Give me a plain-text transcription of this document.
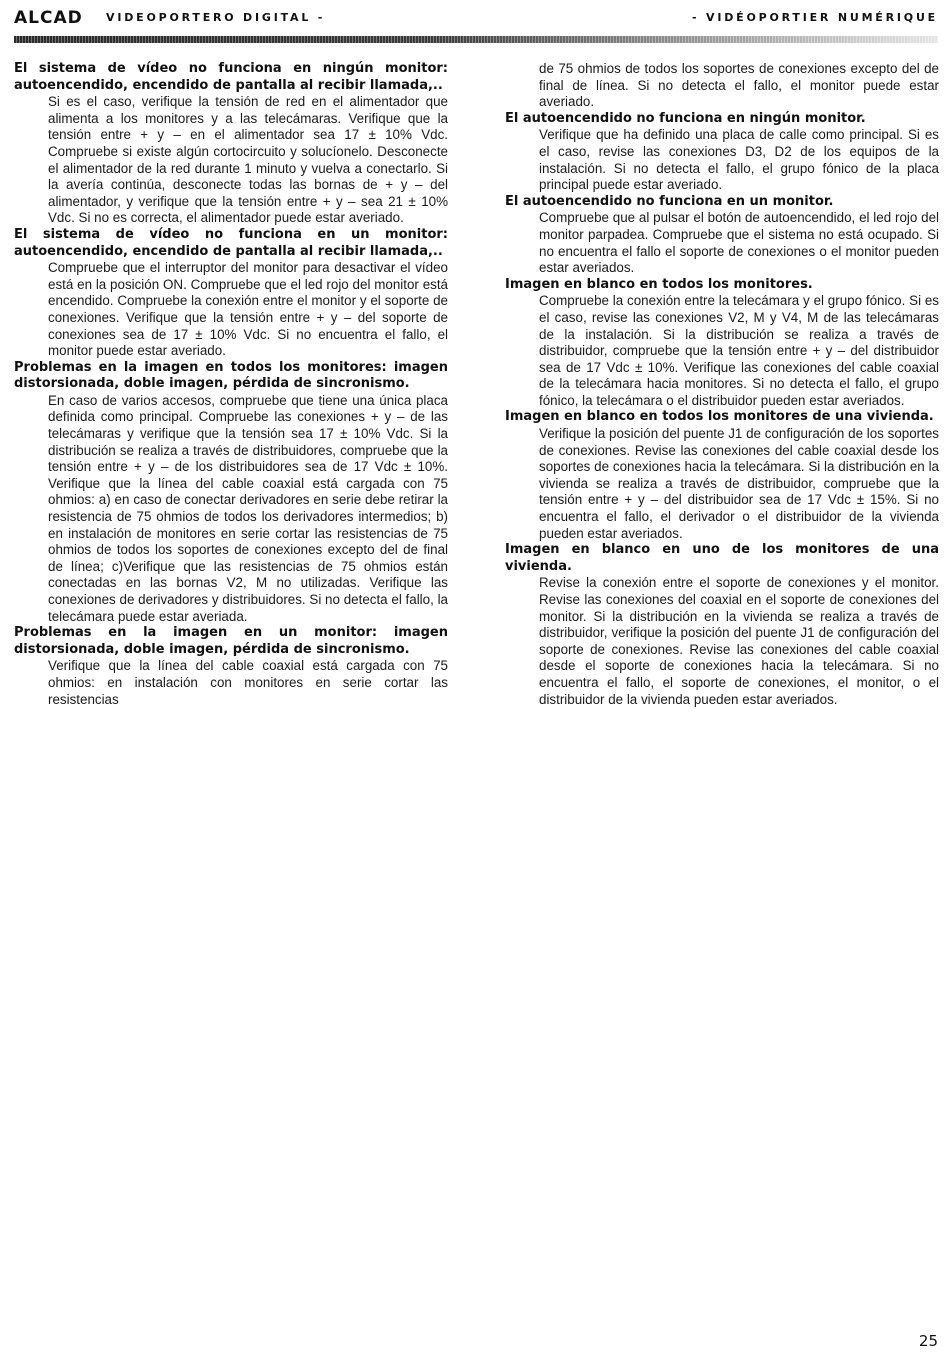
ALCAD VIDEOPORTERO DIGITAL -	- VIDÉOPORTIER NUMÉRIQUE

El sistema de vídeo no funciona en ningún monitor: autoencendido, encendido de pantalla al recibir llamada,..

Si es el caso, verifique la tensión de red en el alimentador que alimenta a los monitores y a las telecámaras. Verifique que la tensión entre + y – en el alimentador sea 17 ± 10% Vdc. Compruebe si existe algún cortocircuito y solucíonelo. Desconecte el alimentador de la red durante 1 minuto y vuelva a conectarlo. Si la avería continúa, desconecte todas las bornas de + y – del alimentador, y verifique que la tensión entre + y – sea 21 ± 10% Vdc. Si no es correcta, el alimentador puede estar averiado.

El sistema de vídeo no funciona en un monitor: autoencendido, encendido de pantalla al recibir llamada,..

Compruebe que el interruptor del monitor para desactivar el vídeo está en la posición ON. Compruebe que el led rojo del monitor está encendido. Compruebe la conexión entre el monitor y el soporte de conexiones. Verifique que la tensión entre + y – del soporte de conexiones sea de 17 ± 10% Vdc. Si no encuentra el fallo, el monitor puede estar averiado.

Problemas en la imagen en todos los monitores: imagen distorsionada, doble imagen, pérdida de sincronismo.

En caso de varios accesos, compruebe que tiene una única placa definida como principal. Compruebe las conexiones + y – de las telecámaras y verifique que la tensión sea 17 ± 10% Vdc. Si la distribución se realiza a través de distribuidores, compruebe que la tensión entre + y – de los distribuidores sea de 17 Vdc ± 10%. Verifique que la línea del cable coaxial está cargada con 75 ohmios: a) en caso de conectar derivadores en serie debe retirar la resistencia de 75 ohmios de todos los derivadores intermedios; b) en instalación de monitores en serie cortar las resistencias de 75 ohmios de todos los soportes de conexiones excepto del de final de línea; c)Verifique que las resistencias de 75 ohmios están conectadas en las bornas V2, M no utilizadas. Verifique las conexiones de derivadores y distribuidores. Si no detecta el fallo, la telecámara puede estar averiada.

Problemas en la imagen en un monitor: imagen distorsionada, doble imagen, pérdida de sincronismo.

Verifique que la línea del cable coaxial está cargada con 75 ohmios: en instalación con monitores en serie cortar las resistencias

de 75 ohmios de todos los soportes de conexiones excepto del de final de línea. Si no detecta el fallo, el monitor puede estar averiado.

El autoencendido no funciona en ningún monitor.

Verifique que ha definido una placa de calle como principal. Si es el caso, revise las conexiones D3, D2 de los equipos de la instalación. Si no detecta el fallo, el grupo fónico de la placa principal puede estar averiado.

El autoencendido no funciona en un monitor.

Compruebe que al pulsar el botón de autoencendido, el led rojo del monitor parpadea. Compruebe que el sistema no está ocupado. Si no encuentra el fallo el soporte de conexiones o el monitor pueden estar averiados.

Imagen en blanco en todos los monitores.

Compruebe la conexión entre la telecámara y el grupo fónico. Si es el caso, revise las conexiones V2, M y V4, M de las telecámaras de la instalación. Si la distribución se realiza a través de distribuidor, compruebe que la tensión entre + y – del distribuidor sea de 17 Vdc ± 10%. Verifique las conexiones del cable coaxial de la telecámara hacia monitores. Si no detecta el fallo, el grupo fónico, la telecámara o el distribuidor pueden estar averiados.

Imagen en blanco en todos los monitores de una vivienda.

Verifique la posición del puente J1 de configuración de los soportes de conexiones. Revise las conexiones del cable coaxial desde los soportes de conexiones hacia la telecámara. Si la distribución en la vivienda se realiza a través de distribuidor, compruebe que la tensión entre + y – del distribuidor sea de 17 Vdc ± 15%. Si no encuentra el fallo, el derivador o el distribuidor de la vivienda pueden estar averiados.

Imagen en blanco en uno de los monitores de una vivienda.

Revise la conexión entre el soporte de conexiones y el monitor. Revise las conexiones del coaxial en el soporte de conexiones del monitor. Si la distribución en la vivienda se realiza a través de distribuidor, verifique la posición del puente J1 de configuración del soporte de conexiones. Revise las conexiones del cable coaxial desde el soporte de conexiones hacia la telecámara. Si no encuentra el fallo, el soporte de conexiones, el monitor, o el distribuidor de la vivienda pueden estar averiados.

25
